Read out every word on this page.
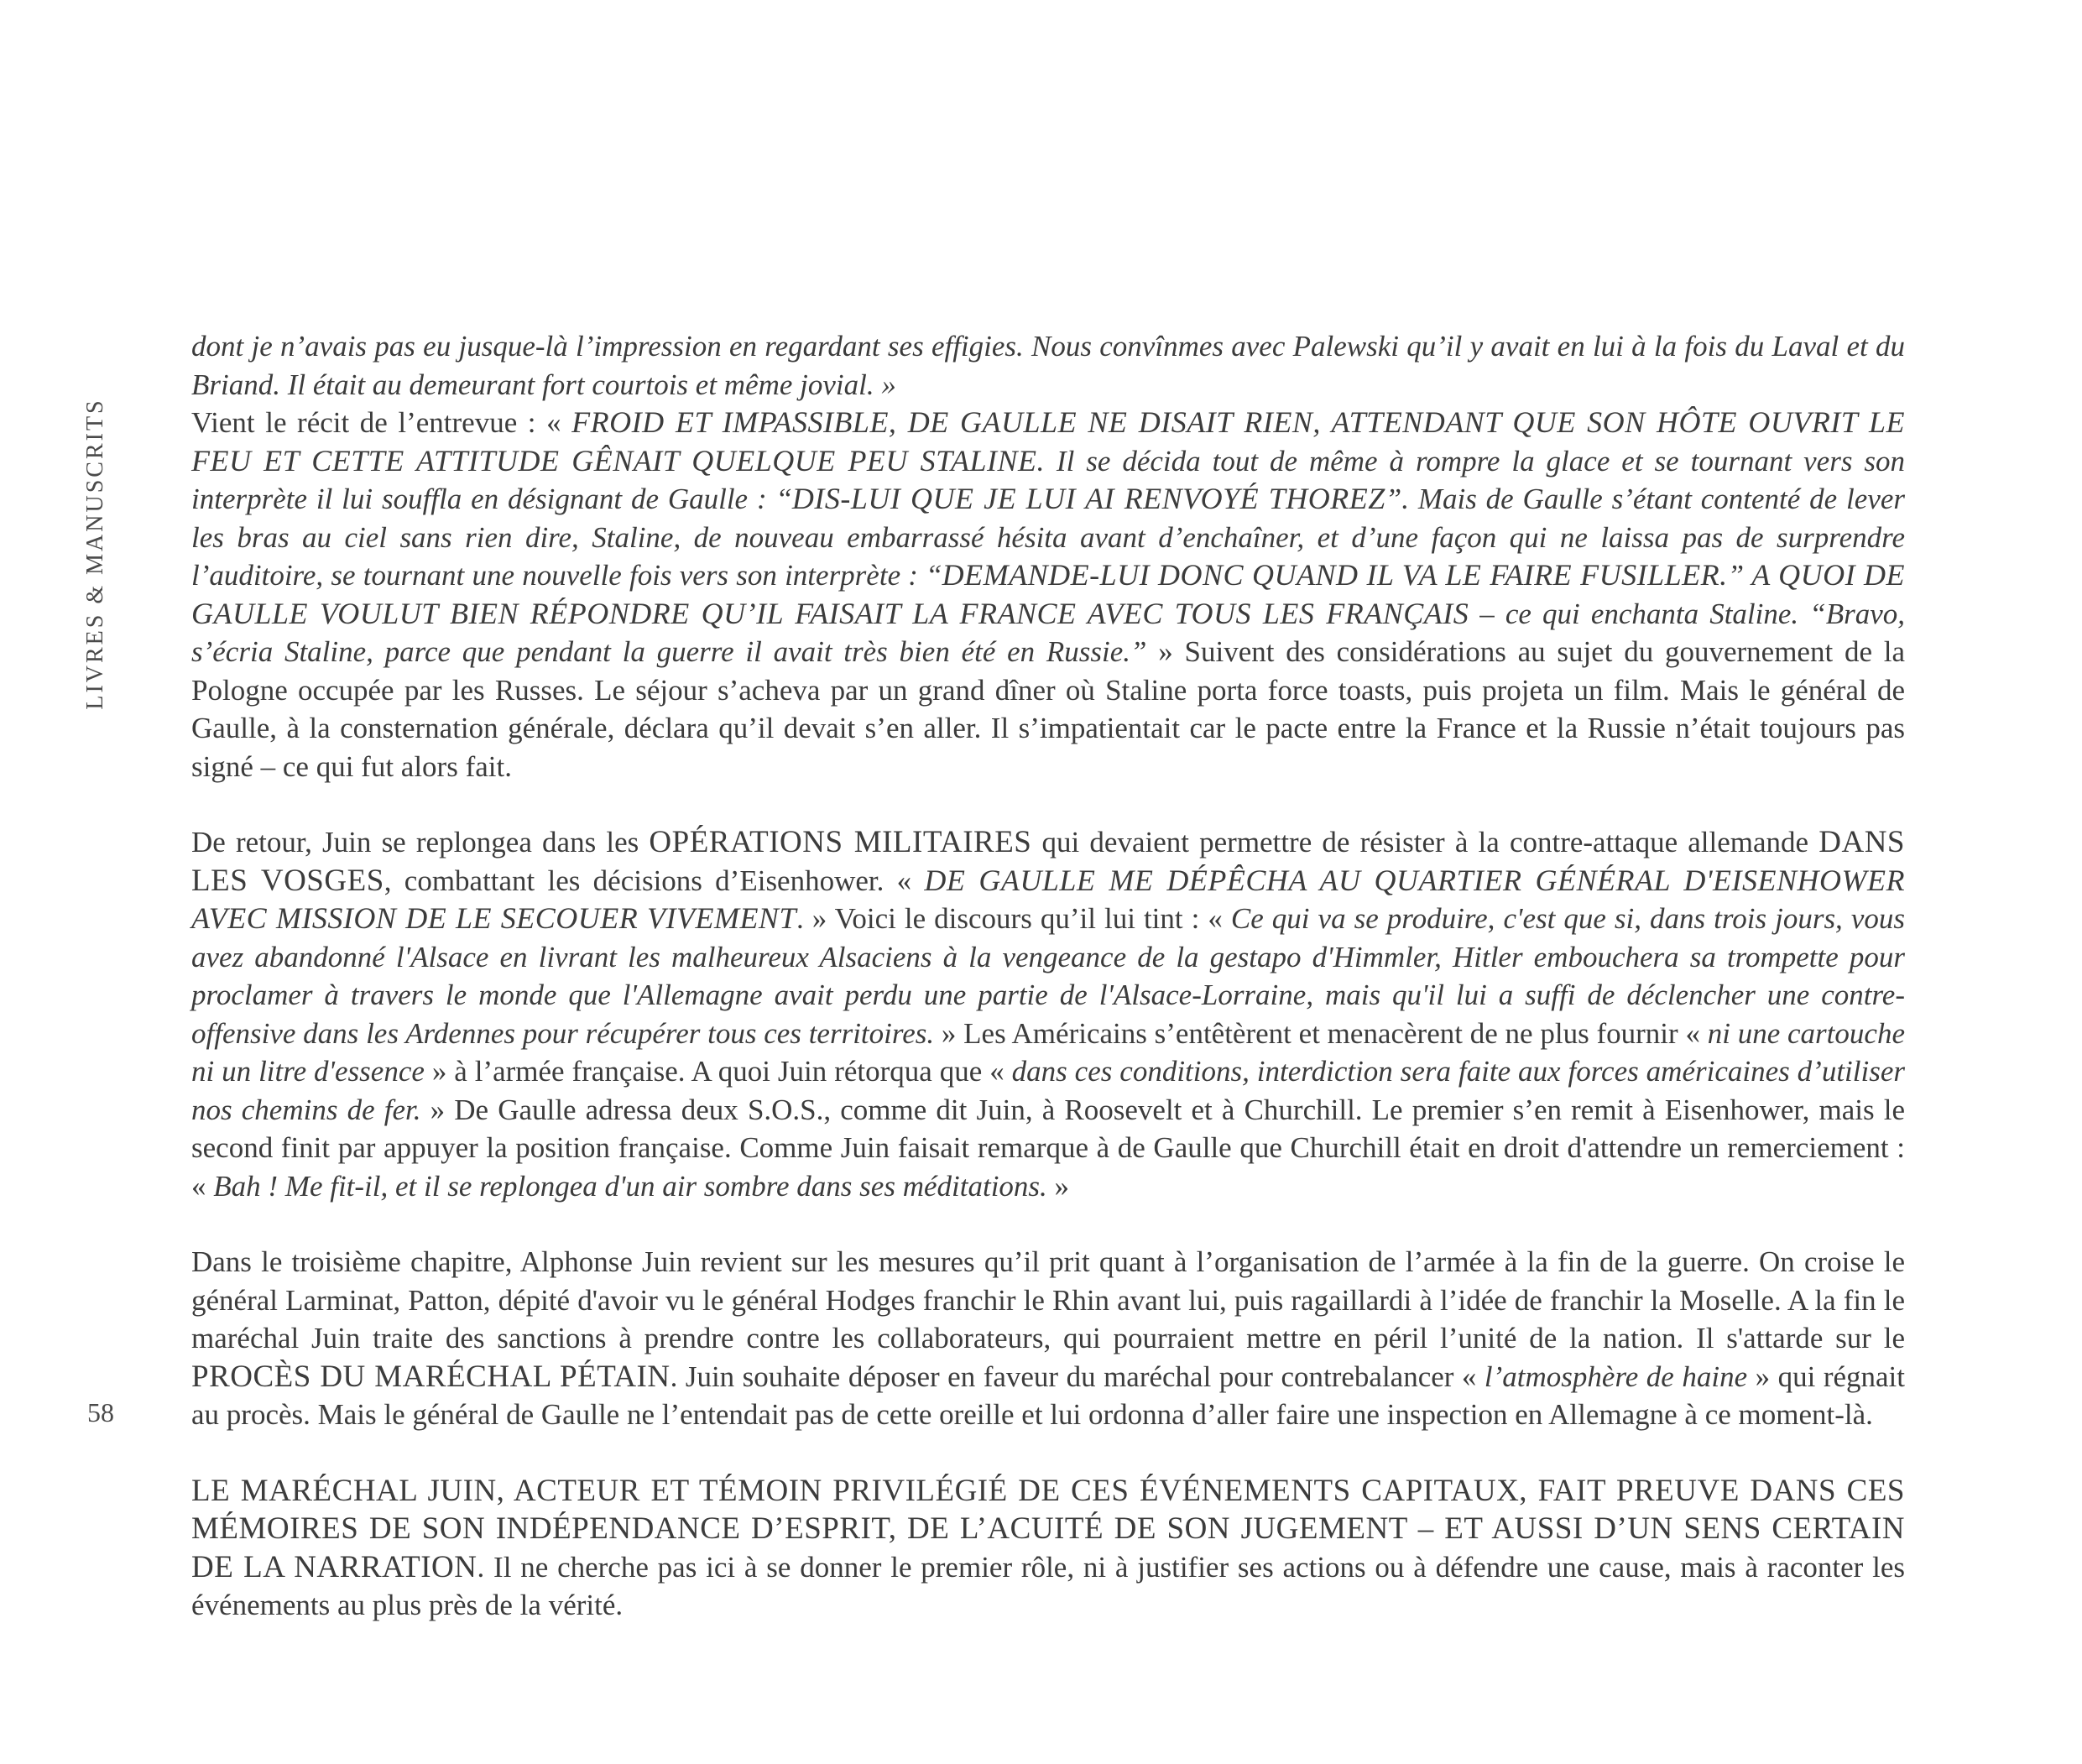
LIVRES & MANUSCRITS
58

dont je n’avais pas eu jusque-là l’impression en regardant ses effigies. Nous convînmes avec Palewski qu’il y avait en lui à la fois du Laval et du Briand. Il était au demeurant fort courtois et même jovial. »

Vient le récit de l’entrevue : « FROID ET IMPASSIBLE, DE GAULLE NE DISAIT RIEN, ATTENDANT QUE SON HÔTE OUVRIT LE FEU ET CETTE ATTITUDE GÊNAIT QUELQUE PEU STALINE. Il se décida tout de même à rompre la glace et se tournant vers son interprète il lui souffla en désignant de Gaulle : “DIS-LUI QUE JE LUI AI RENVOYÉ THOREZ”. Mais de Gaulle s’étant contenté de lever les bras au ciel sans rien dire, Staline, de nouveau embarrassé hésita avant d’enchaîner, et d’une façon qui ne laissa pas de surprendre l’auditoire, se tournant une nouvelle fois vers son interprète : “DEMANDE-LUI DONC QUAND IL VA LE FAIRE FUSILLER.” A QUOI DE GAULLE VOULUT BIEN RÉPONDRE QU’IL FAISAIT LA FRANCE AVEC TOUS LES FRANÇAIS – ce qui enchanta Staline. “Bravo, s’écria Staline, parce que pendant la guerre il avait très bien été en Russie.” » Suivent des considérations au sujet du gouvernement de la Pologne occupée par les Russes. Le séjour s’acheva par un grand dîner où Staline porta force toasts, puis projeta un film. Mais le général de Gaulle, à la consternation générale, déclara qu’il devait s’en aller. Il s’impatientait car le pacte entre la France et la Russie n’était toujours pas signé – ce qui fut alors fait.

De retour, Juin se replongea dans les OPÉRATIONS MILITAIRES qui devaient permettre de résister à la contre-attaque allemande DANS LES VOSGES, combattant les décisions d’Eisenhower. « DE GAULLE ME DÉPÊCHA AU QUARTIER GÉNÉRAL D'EISENHOWER AVEC MISSION DE LE SECOUER VIVEMENT. » Voici le discours qu’il lui tint : « Ce qui va se produire, c'est que si, dans trois jours, vous avez abandonné l'Alsace en livrant les malheureux Alsaciens à la vengeance de la gestapo d'Himmler, Hitler embouchera sa trompette pour proclamer à travers le monde que l'Allemagne avait perdu une partie de l'Alsace-Lorraine, mais qu'il lui a suffi de déclencher une contre-offensive dans les Ardennes pour récupérer tous ces territoires. » Les Américains s’entêtèrent et menacèrent de ne plus fournir « ni une cartouche ni un litre d'essence » à l’armée française. A quoi Juin rétorqua que « dans ces conditions, interdiction sera faite aux forces américaines d’utiliser nos chemins de fer. » De Gaulle adressa deux S.O.S., comme dit Juin, à Roosevelt et à Churchill. Le premier s’en remit à Eisenhower, mais le second finit par appuyer la position française. Comme Juin faisait remarque à de Gaulle que Churchill était en droit d'attendre un remerciement : « Bah ! Me fit-il, et il se replongea d'un air sombre dans ses méditations. »

Dans le troisième chapitre, Alphonse Juin revient sur les mesures qu’il prit quant à l’organisation de l’armée à la fin de la guerre. On croise le général Larminat, Patton, dépité d'avoir vu le général Hodges franchir le Rhin avant lui, puis ragaillardi à l’idée de franchir la Moselle. A la fin le maréchal Juin traite des sanctions à prendre contre les collaborateurs, qui pourraient mettre en péril l’unité de la nation. Il s'attarde sur le PROCÈS DU MARÉCHAL PÉTAIN. Juin souhaite déposer en faveur du maréchal pour contrebalancer « l’atmosphère de haine » qui régnait au procès. Mais le général de Gaulle ne l’entendait pas de cette oreille et lui ordonna d’aller faire une inspection en Allemagne à ce moment-là.

LE MARÉCHAL JUIN, ACTEUR ET TÉMOIN PRIVILÉGIÉ DE CES ÉVÉNEMENTS CAPITAUX, FAIT PREUVE DANS CES MÉMOIRES DE SON INDÉPENDANCE D’ESPRIT, DE L’ACUITÉ DE SON JUGEMENT – ET AUSSI D’UN SENS CERTAIN DE LA NARRATION. Il ne cherche pas ici à se donner le premier rôle, ni à justifier ses actions ou à défendre une cause, mais à raconter les événements au plus près de la vérité.
